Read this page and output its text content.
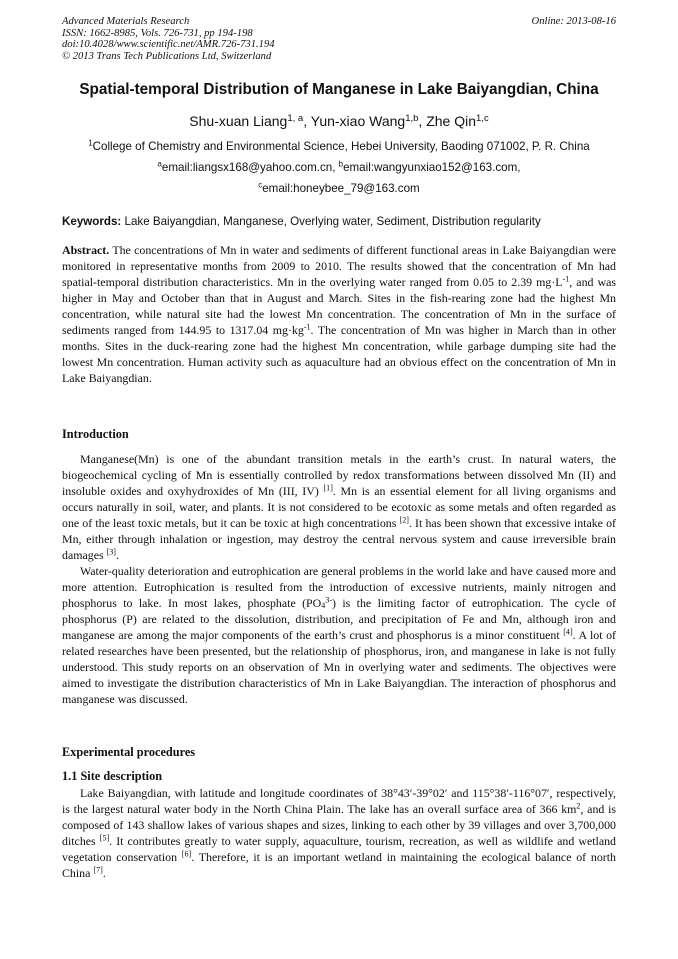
Advanced Materials Research
ISSN: 1662-8985, Vols. 726-731, pp 194-198
doi:10.4028/www.scientific.net/AMR.726-731.194
© 2013 Trans Tech Publications Ltd, Switzerland
Online: 2013-08-16
Spatial-temporal Distribution of Manganese in Lake Baiyangdian, China
Shu-xuan Liang$^{1, a}$, Yun-xiao Wang$^{1,b}$, Zhe Qin$^{1,c}$
$^1$College of Chemistry and Environmental Science, Hebei University, Baoding 071002, P. R. China
$^a$email:liangsx168@yahoo.com.cn, $^b$email:wangyunxiao152@163.com,
$^c$email:honeybee_79@163.com
Keywords: Lake Baiyangdian, Manganese, Overlying water, Sediment, Distribution regularity
Abstract. The concentrations of Mn in water and sediments of different functional areas in Lake Baiyangdian were monitored in representative months from 2009 to 2010. The results showed that the concentration of Mn had spatial-temporal distribution characteristics. Mn in the overlying water ranged from 0.05 to 2.39 $mg\cdot L^{-1}$, and was higher in May and October than that in August and March. Sites in the fish-rearing zone had the highest Mn concentration, while natural site had the lowest Mn concentration. The concentration of Mn in the surface of sediments ranged from 144.95 to 1317.04 $mg\cdot kg^{-1}$. The concentration of Mn was higher in March than in other months. Sites in the duck-rearing zone had the highest Mn concentration, while garbage dumping site had the lowest Mn concentration. Human activity such as aquaculture had an obvious effect on the concentration of Mn in Lake Baiyangdian.
Introduction

Manganese(Mn) is one of the abundant transition metals in the earth’s crust. In natural waters, the biogeochemical cycling of Mn is essentially controlled by redox transformations between dissolved Mn (II) and insoluble oxides and oxyhydroxides of Mn (III, IV) [1]. Mn is an essential element for all living organisms and occurs naturally in soil, water, and plants. It is not considered to be ecotoxic as some metals and often regarded as one of the least toxic metals, but it can be toxic at high concentrations [2]. It has been shown that excessive intake of Mn, either through inhalation or ingestion, may destroy the central nervous system and cause irreversible brain damages [3].

Water-quality deterioration and eutrophication are general problems in the world lake and have caused more and more attention. Eutrophication is resulted from the introduction of excessive nutrients, mainly nitrogen and phosphorus to lake. In most lakes, phosphate $(PO_4^{3-})$ is the limiting factor of eutrophication. The cycle of phosphorus (P) are related to the dissolution, distribution, and precipitation of Fe and Mn, although iron and manganese are among the major components of the earth’s crust and phosphorus is a minor constituent [4]. A lot of related researches have been presented, but the relationship of phosphorus, iron, and manganese in lake is not fully understood. This study reports on an observation of Mn in overlying water and sediments. The objectives were aimed to investigate the distribution characteristics of Mn in Lake Baiyangdian. The interaction of phosphorus and manganese was discussed.

Experimental procedures
1.1 Site description

Lake Baiyangdian, with latitude and longitude coordinates of 38°43′-39°02′ and 115°38′-116°07′, respectively, is the largest natural water body in the North China Plain. The lake has an overall surface area of 366 $km^2$, and is composed of 143 shallow lakes of various shapes and sizes, linking to each other by 39 villages and over 3,700,000 ditches [5]. It contributes greatly to water supply, aquaculture, tourism, recreation, as well as wildlife and wetland vegetation conservation [6]. Therefore, it is an important wetland in maintaining the ecological balance of north China [7].
